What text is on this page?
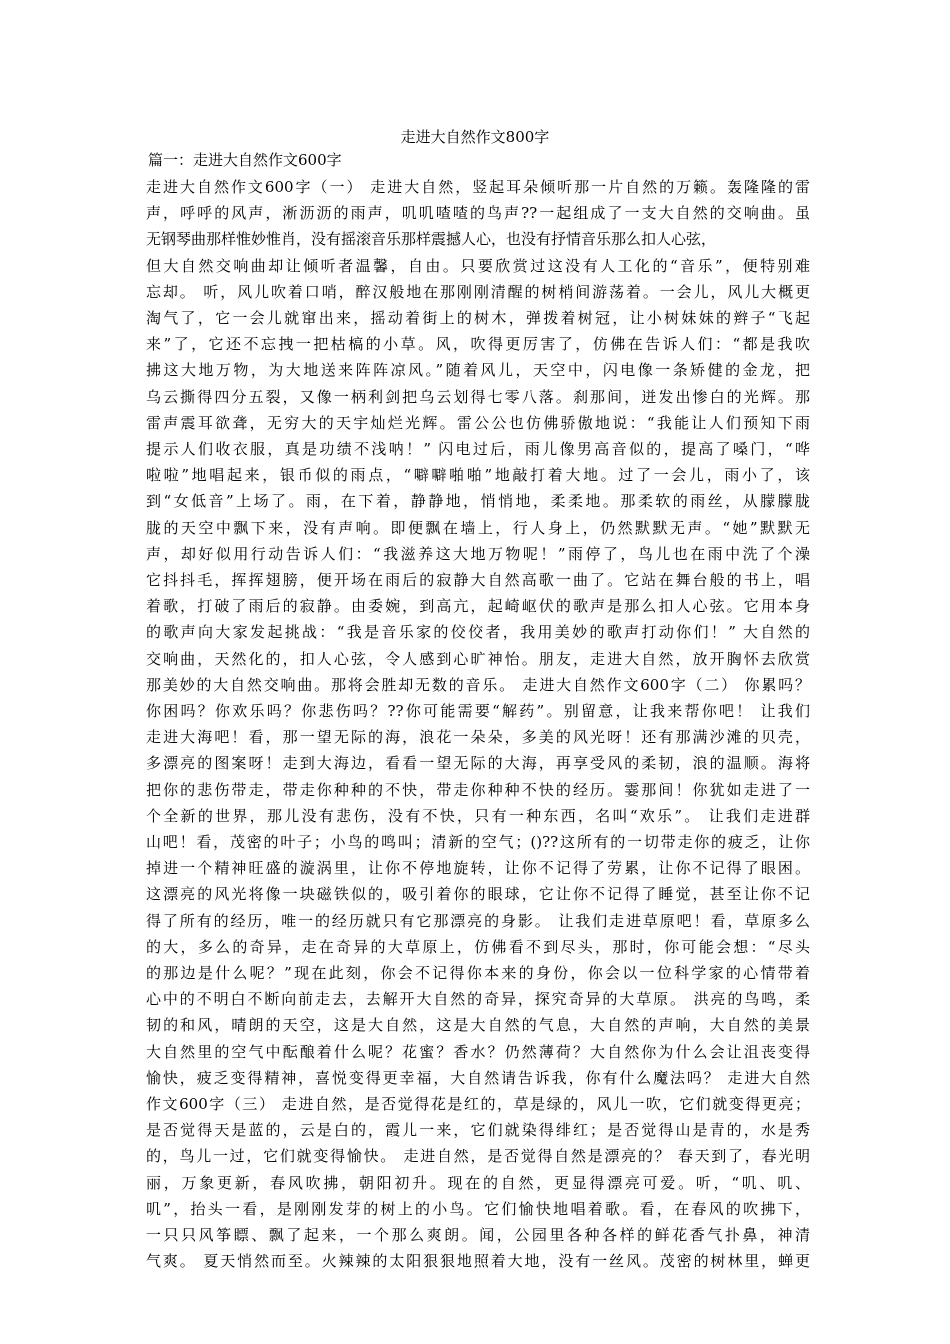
走进大自然作文800字
篇一：走进大自然作文600字
走进大自然作文600字（一） 走进大自然，竖起耳朵倾听那一片自然的万籁。轰隆隆的雷
声，呼呼的风声，淅沥沥的雨声，叽叽喳喳的鸟声??一起组成了一支大自然的交响曲。虽
无钢琴曲那样惟妙惟肖，没有摇滚音乐那样震撼人心，也没有抒情音乐那么扣人心弦，
但大自然交响曲却让倾听者温馨，自由。只要欣赏过这没有人工化的“音乐”，便特别难
忘却。 听，风儿吹着口哨，醉汉般地在那刚刚清醒的树梢间游荡着。一会儿，风儿大概更
淘气了，它一会儿就窜出来，摇动着街上的树木，弹拨着树冠，让小树妹妹的辫子“飞起
来”了，它还不忘拽一把枯槁的小草。风，吹得更厉害了，仿佛在告诉人们：“都是我吹
拂这大地万物，为大地送来阵阵凉风。”随着风儿，天空中，闪电像一条矫健的金龙，把
乌云撕得四分五裂，又像一柄利剑把乌云划得七零八落。刹那间，迸发出惨白的光辉。那
雷声震耳欲聋，无穷大的天宇灿烂光辉。雷公公也仿佛骄傲地说：“我能让人们预知下雨
提示人们收衣服，真是功绩不浅呐！” 闪电过后，雨儿像男高音似的，提高了嗓门，“哗
啦啦”地唱起来，银币似的雨点，“噼噼啪啪”地敲打着大地。过了一会儿，雨小了，该
到“女低音”上场了。雨，在下着，静静地，悄悄地，柔柔地。那柔软的雨丝，从朦朦胧
胧的天空中飘下来，没有声响。即便飘在墙上，行人身上，仍然默默无声。“她”默默无
声，却好似用行动告诉人们：“我滋养这大地万物呢！”雨停了，鸟儿也在雨中洗了个澡
它抖抖毛，挥挥翅膀，便开场在雨后的寂静大自然高歌一曲了。它站在舞台般的书上，唱
着歌，打破了雨后的寂静。由委婉，到高亢，起崎岖伏的歌声是那么扣人心弦。它用本身
的歌声向大家发起挑战：“我是音乐家的佼佼者，我用美妙的歌声打动你们！” 大自然的
交响曲，天然化的，扣人心弦，令人感到心旷神怡。朋友，走进大自然，放开胸怀去欣赏
那美妙的大自然交响曲。那将会胜却无数的音乐。 走进大自然作文600字（二） 你累吗？
你困吗？你欢乐吗？你悲伤吗？??你可能需要“解药”。别留意，让我来帮你吧！ 让我们
走进大海吧！看，那一望无际的海，浪花一朵朵，多美的风光呀！还有那满沙滩的贝壳，
多漂亮的图案呀！走到大海边，看看一望无际的大海，再享受风的柔韧，浪的温顺。海将
把你的悲伤带走，带走你种种的不快，带走你种种不快的经历。霎那间！你犹如走进了一
个全新的世界，那儿没有悲伤，没有不快，只有一种东西，名叫“欢乐”。 让我们走进群
山吧！看，茂密的叶子；小鸟的鸣叫；清新的空气；()??这所有的一切带走你的疲乏，让你
掉进一个精神旺盛的漩涡里，让你不停地旋转，让你不记得了劳累，让你不记得了眼困。
这漂亮的风光将像一块磁铁似的，吸引着你的眼球，它让你不记得了睡觉，甚至让你不记
得了所有的经历，唯一的经历就只有它那漂亮的身影。 让我们走进草原吧！看，草原多么
的大，多么的奇异，走在奇异的大草原上，仿佛看不到尽头，那时，你可能会想：“尽头
的那边是什么呢？”现在此刻，你会不记得你本来的身份，你会以一位科学家的心情带着
心中的不明白不断向前走去，去解开大自然的奇异，探究奇异的大草原。 洪亮的鸟鸣，柔
韧的和风，晴朗的天空，这是大自然，这是大自然的气息，大自然的声响，大自然的美景
大自然里的空气中酝酿着什么呢？花蜜？香水？仍然薄荷？大自然你为什么会让沮丧变得
愉快，疲乏变得精神，喜悦变得更幸福，大自然请告诉我，你有什么魔法吗？ 走进大自然
作文600字（三） 走进自然，是否觉得花是红的，草是绿的，风儿一吹，它们就变得更亮；
是否觉得天是蓝的，云是白的，霞儿一来，它们就染得绯红；是否觉得山是青的，水是秀
的，鸟儿一过，它们就变得愉快。 走进自然，是否觉得自然是漂亮的？ 春天到了，春光明
丽，万象更新，春风吹拂，朝阳初升。现在的自然，更显得漂亮可爱。听，“叽、叽、
叽”，抬头一看，是刚刚发芽的树上的小鸟。它们愉快地唱着歌。看，在春风的吹拂下，
一只只风筝瞟、飘了起来，一个那么爽朗。闻，公园里各种各样的鲜花香气扑鼻，神清
气爽。 夏天悄然而至。火辣辣的太阳狠狠地照着大地，没有一丝风。茂密的树林里，蝉更
